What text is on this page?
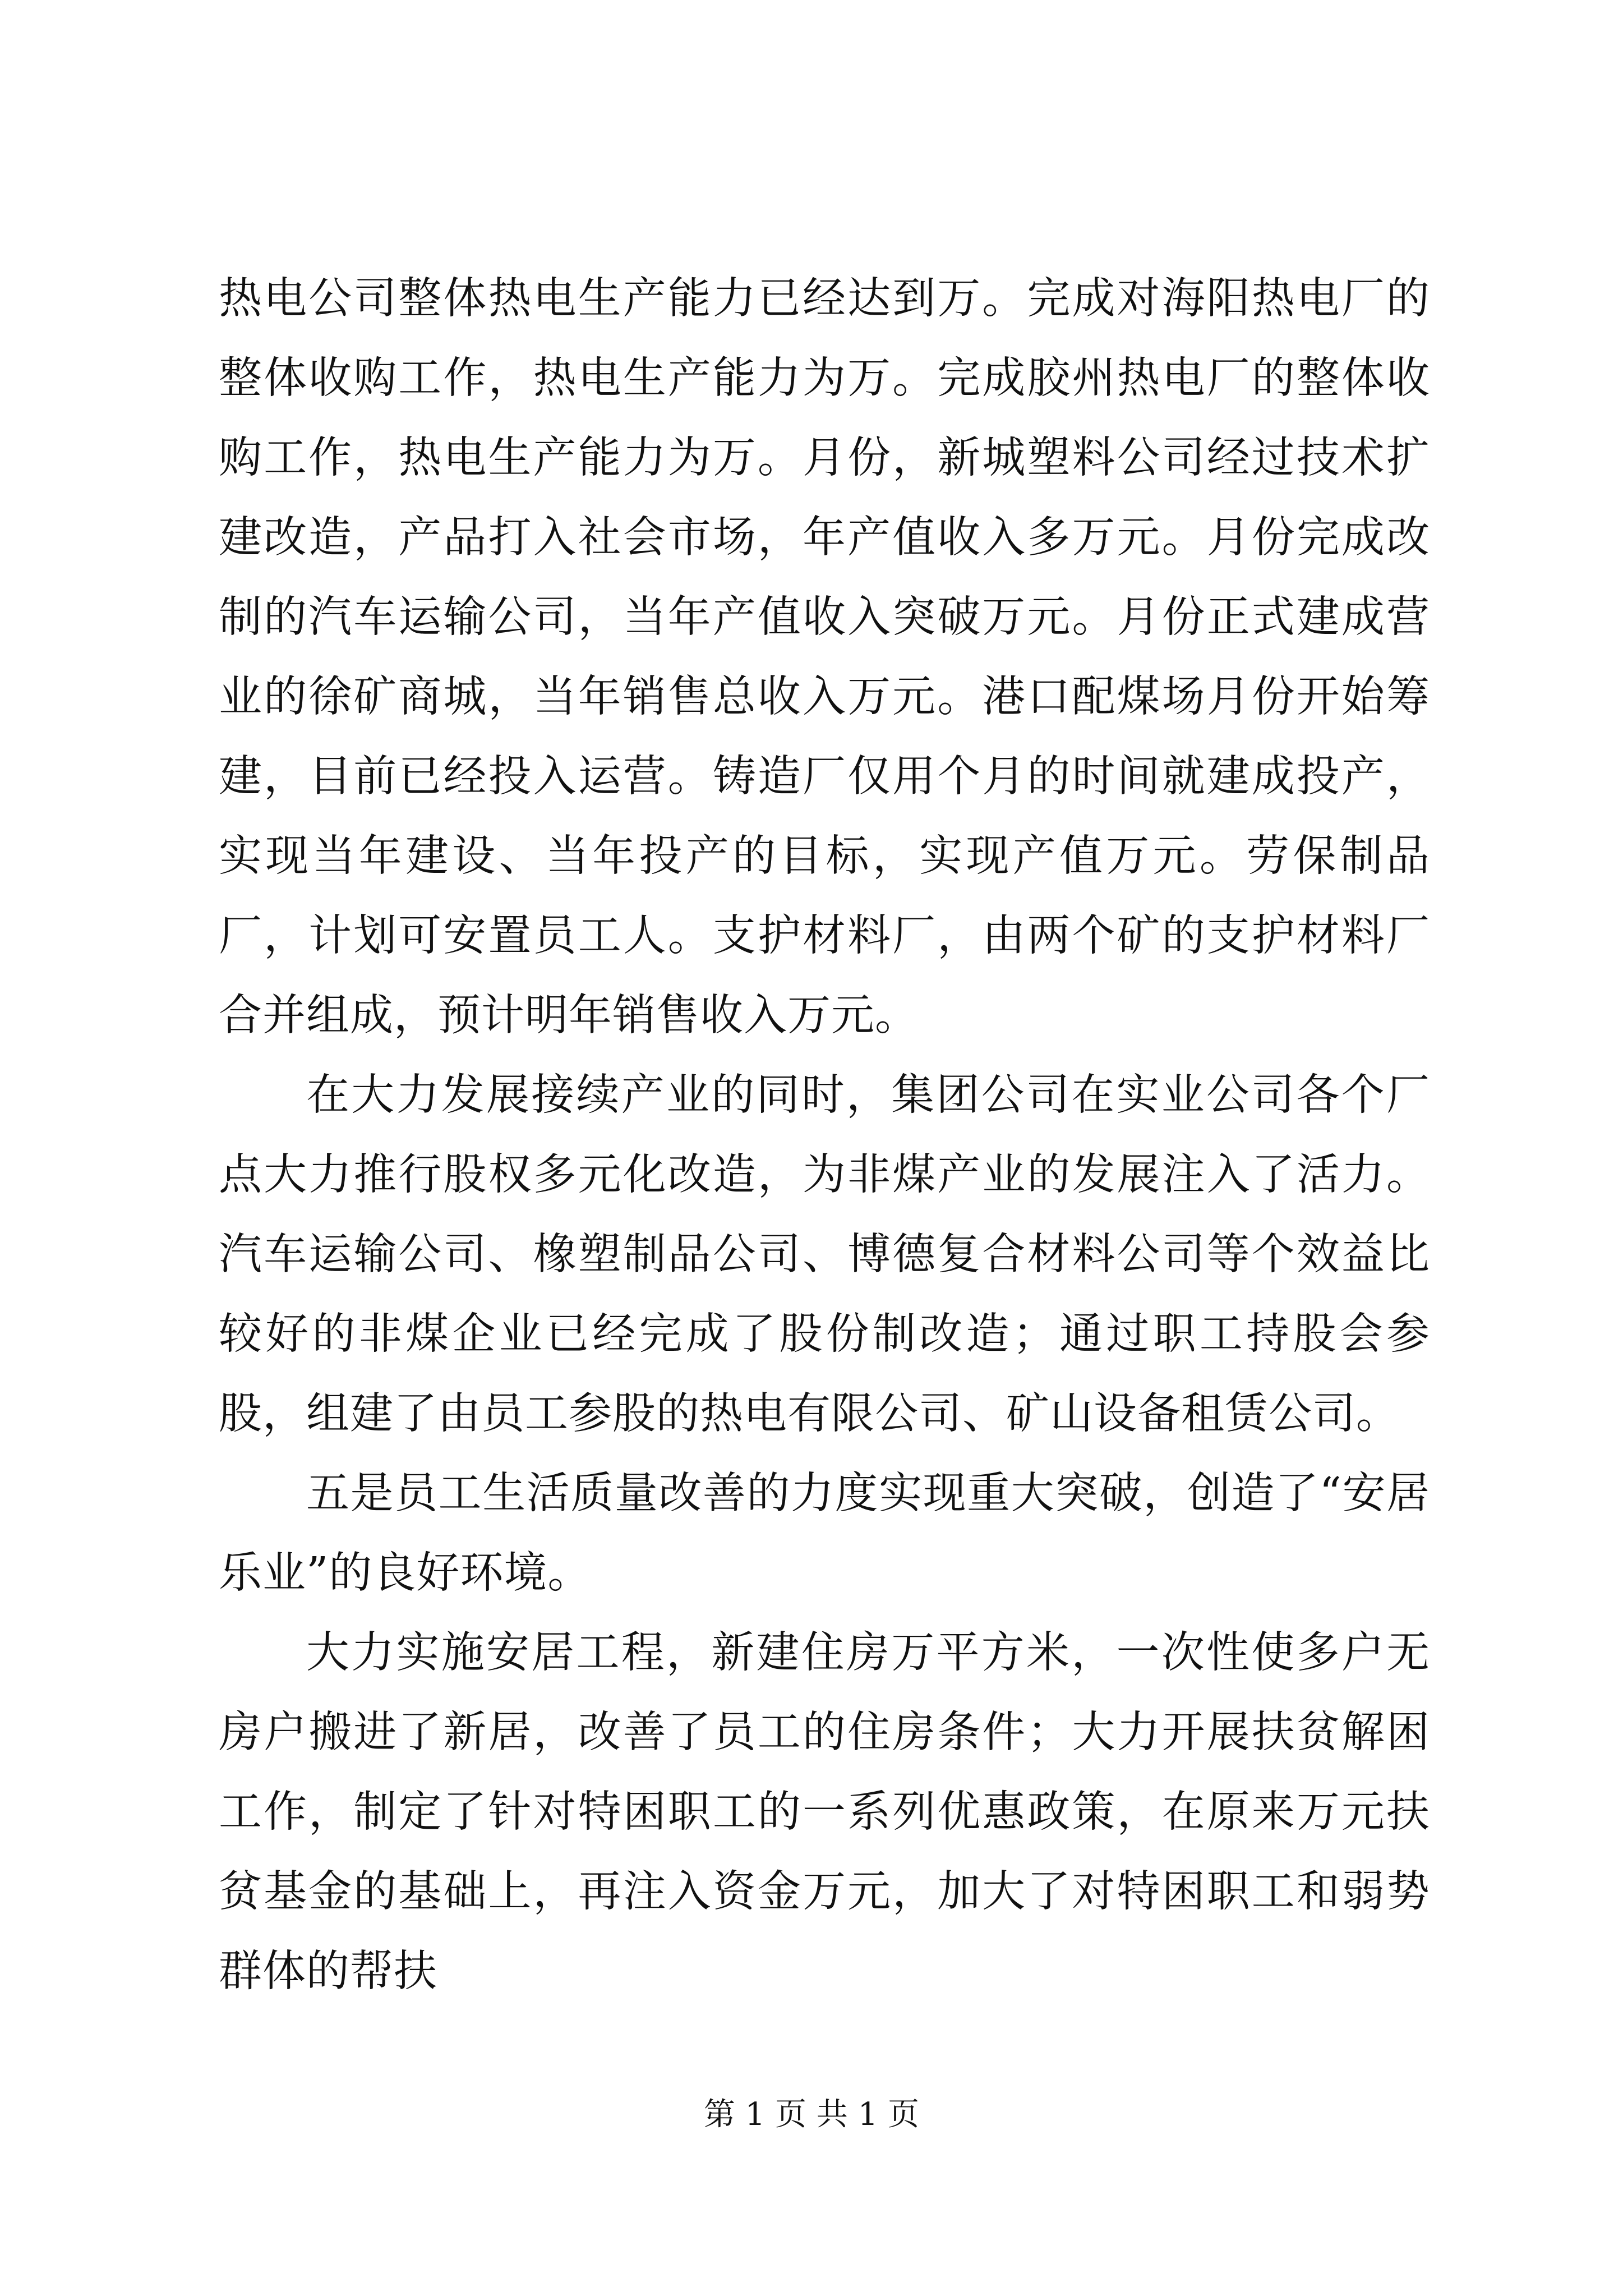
热电公司整体热电生产能力已经达到万。完成对海阳热电厂的整体收购工作，热电生产能力为万。完成胶州热电厂的整体收购工作，热电生产能力为万。月份，新城塑料公司经过技术扩建改造，产品打入社会市场，年产值收入多万元。月份完成改制的汽车运输公司，当年产值收入突破万元。月份正式建成营业的徐矿商城，当年销售总收入万元。港口配煤场月份开始筹建，目前已经投入运营。铸造厂仅用个月的时间就建成投产，实现当年建设、当年投产的目标，实现产值万元。劳保制品厂，计划可安置员工人。支护材料厂，由两个矿的支护材料厂合并组成，预计明年销售收入万元。

在大力发展接续产业的同时，集团公司在实业公司各个厂点大力推行股权多元化改造，为非煤产业的发展注入了活力。汽车运输公司、橡塑制品公司、博德复合材料公司等个效益比较好的非煤企业已经完成了股份制改造；通过职工持股会参股，组建了由员工参股的热电有限公司、矿山设备租赁公司。

五是员工生活质量改善的力度实现重大突破，创造了“安居乐业”的良好环境。

大力实施安居工程，新建住房万平方米，一次性使多户无房户搬进了新居，改善了员工的住房条件；大力开展扶贫解困工作，制定了针对特困职工的一系列优惠政策，在原来万元扶贫基金的基础上，再注入资金万元，加大了对特困职工和弱势群体的帮扶

第 1 页 共 1 页
